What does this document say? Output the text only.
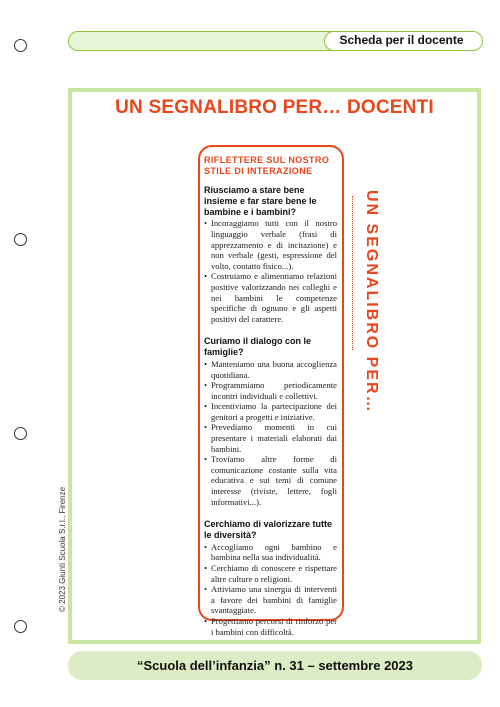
Scheda per il docente
UN SEGNALIBRO PER… DOCENTI
UN SEGNALIBRO PER…
RIFLETTERE SUL NOSTRO STILE DI INTERAZIONE
Riusciamo a stare bene insieme e far stare bene le bambine e i bambini?
• Incoraggiamo tutti con il nostro linguaggio verbale (frasi di apprezzamento e di incitazione) e non verbale (gesti, espressione del volto, contatto fisico...).
• Costruiamo e alimentiamo relazioni positive valorizzando nei colleghi e nei bambini le competenze specifiche di ognuno e gli aspetti positivi del carattere.
Curiamo il dialogo con le famiglie?
• Manteniamo una buona accoglienza quotidiana.
• Programmiamo periodicamente incontri individuali e collettivi.
• Incentiviamo la partecipazione dei genitori a progetti e iniziative.
• Prevediamo momenti in cui presentare i materiali elaborati dai bambini.
• Troviamo altre forme di comunicazione costante sulla vita educativa e sui temi di comune interesse (riviste, lettere, fogli informativi...).
Cerchiamo di valorizzare tutte le diversità?
• Accogliamo ogni bambino e bambina nella sua individualità.
• Cerchiamo di conoscere e rispettare altre culture o religioni.
• Attiviamo una sinergia di interventi a favore dei bambini di famiglie svantaggiate.
• Progettiamo percorsi di rinforzo per i bambini con difficoltà.
© 2023 Giunti Scuola S.r.l., Firenze
“Scuola dell’infanzia” n. 31 – settembre 2023
